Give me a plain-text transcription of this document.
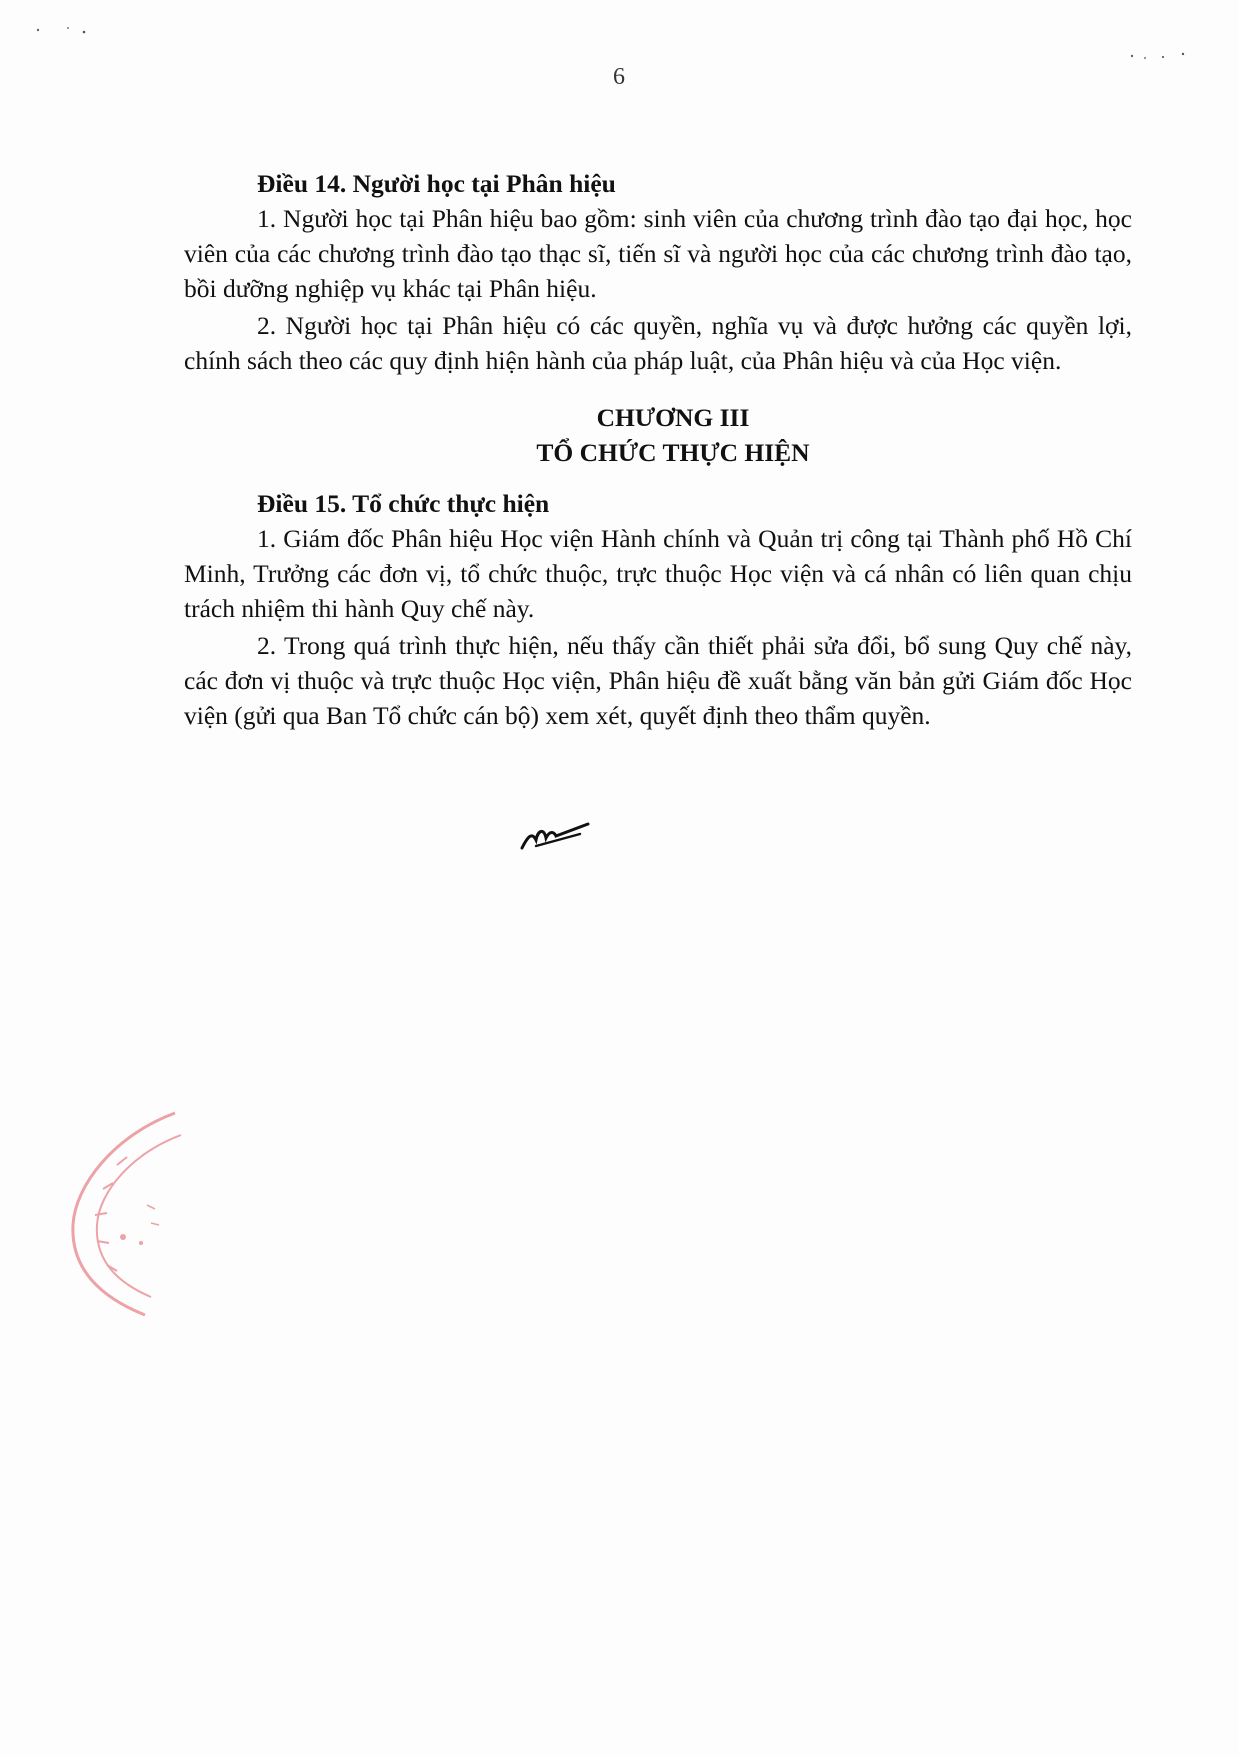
6

Điều 14. Người học tại Phân hiệu

1. Người học tại Phân hiệu bao gồm: sinh viên của chương trình đào tạo đại học, học viên của các chương trình đào tạo thạc sĩ, tiến sĩ và người học của các chương trình đào tạo, bồi dưỡng nghiệp vụ khác tại Phân hiệu.

2. Người học tại Phân hiệu có các quyền, nghĩa vụ và được hưởng các quyền lợi, chính sách theo các quy định hiện hành của pháp luật, của Phân hiệu và của Học viện.

CHƯƠNG III

TỔ CHỨC THỰC HIỆN

Điều 15. Tổ chức thực hiện

1. Giám đốc Phân hiệu Học viện Hành chính và Quản trị công tại Thành phố Hồ Chí Minh, Trưởng các đơn vị, tổ chức thuộc, trực thuộc Học viện và cá nhân có liên quan chịu trách nhiệm thi hành Quy chế này.

2. Trong quá trình thực hiện, nếu thấy cần thiết phải sửa đổi, bổ sung Quy chế này, các đơn vị thuộc và trực thuộc Học viện, Phân hiệu đề xuất bằng văn bản gửi Giám đốc Học viện (gửi qua Ban Tổ chức cán bộ) xem xét, quyết định theo thẩm quyền.
